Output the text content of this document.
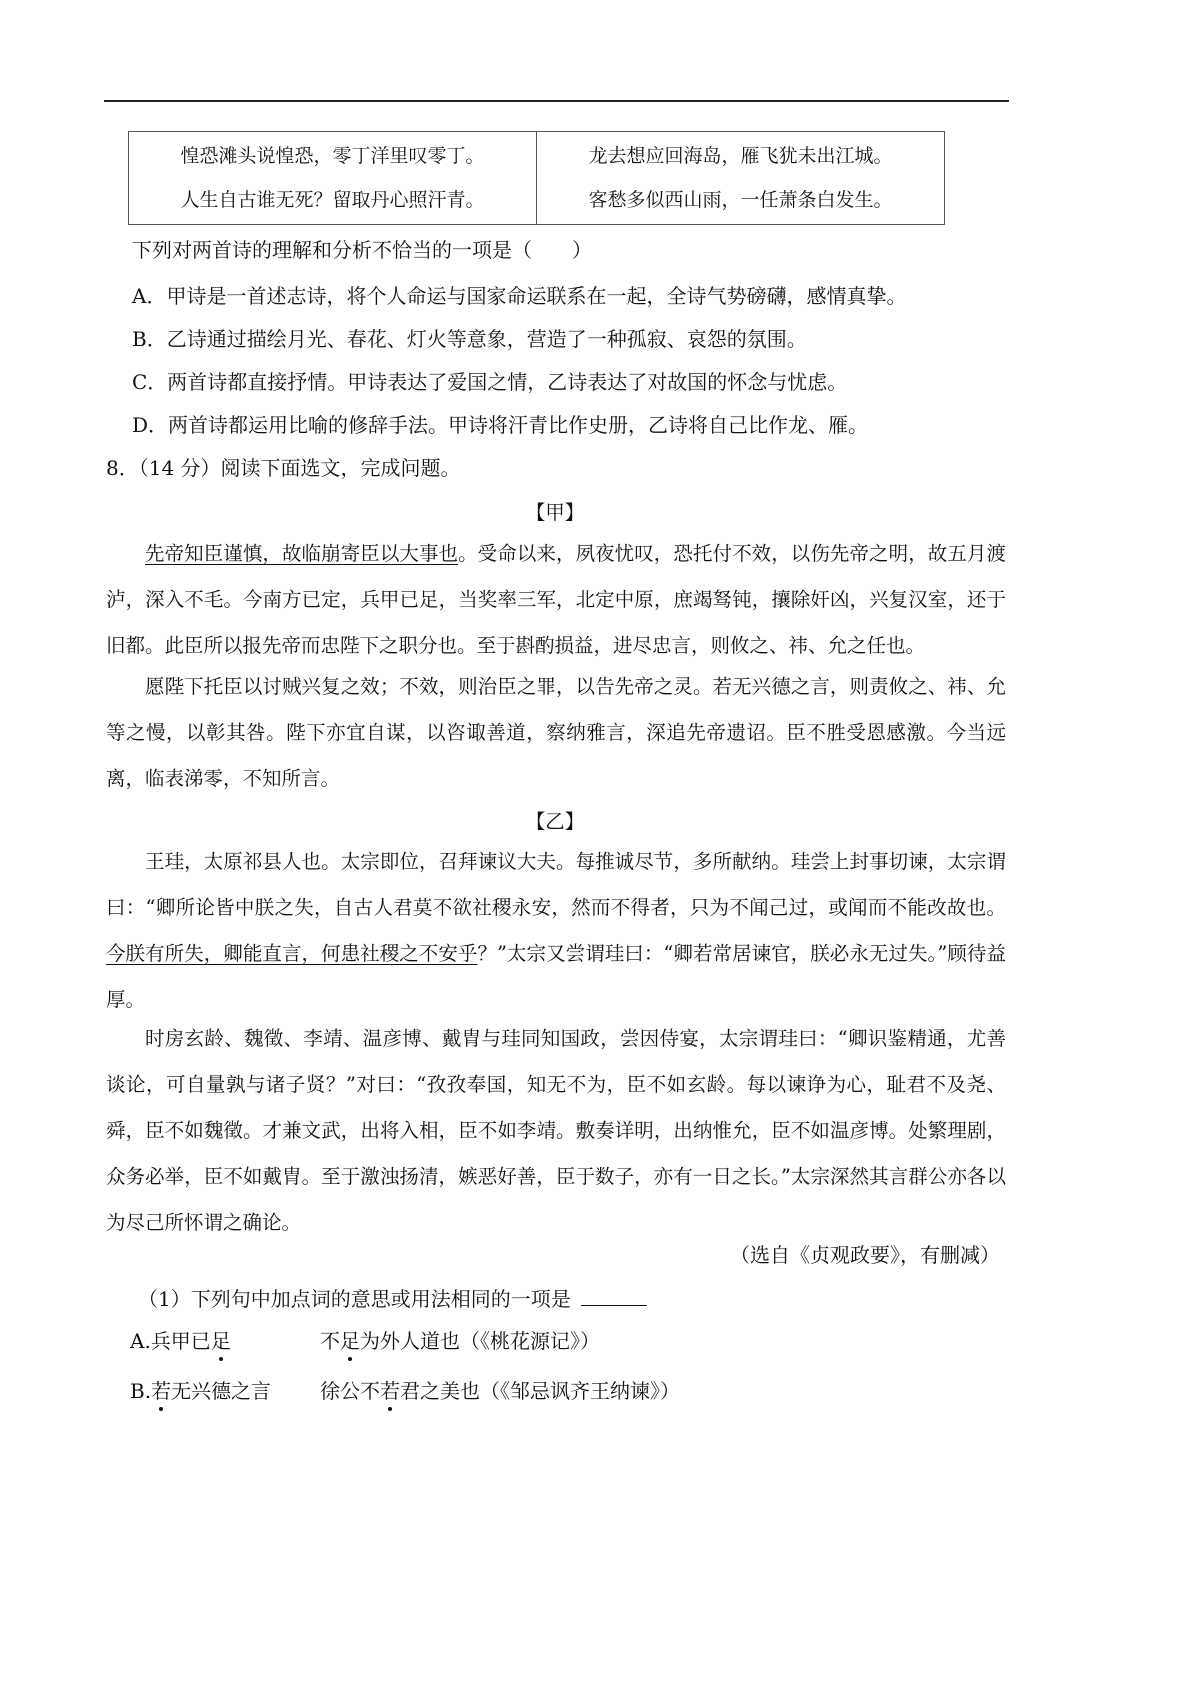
惶恐滩头说惶恐，零丁洋里叹零丁。
人生自古谁无死？留取丹心照汗青。

龙去想应回海岛，雁飞犹未出江城。
客愁多似西山雨，一任萧条白发生。
下列对两首诗的理解和分析不恰当的一项是（　　）
A．甲诗是一首述志诗，将个人命运与国家命运联系在一起，全诗气势磅礴，感情真挚。
B．乙诗通过描绘月光、春花、灯火等意象，营造了一种孤寂、哀怨的氛围。
C．两首诗都直接抒情。甲诗表达了爱国之情，乙诗表达了对故国的怀念与忧虑。
D．两首诗都运用比喻的修辞手法。甲诗将汗青比作史册，乙诗将自己比作龙、雁。
8．（14 分）阅读下面选文，完成问题。
【甲】
先帝知臣谨慎，故临崩寄臣以大事也。受命以来，夙夜忧叹，恐托付不效，以伤先帝之明，故五月渡泸，深入不毛。今南方已定，兵甲已足，当奖率三军，北定中原，庶竭驽钝，攘除奸凶，兴复汉室，还于旧都。此臣所以报先帝而忠陛下之职分也。至于斟酌损益，进尽忠言，则攸之、祎、允之任也。
愿陛下托臣以讨贼兴复之效；不效，则治臣之罪，以告先帝之灵。若无兴德之言，则责攸之、祎、允等之慢，以彰其咎。陛下亦宜自谋，以咨诹善道，察纳雅言，深追先帝遗诏。臣不胜受恩感激。今当远离，临表涕零，不知所言。
【乙】
王珪，太原祁县人也。太宗即位，召拜谏议大夫。每推诚尽节，多所献纳。珪尝上封事切谏，太宗谓曰：“卿所论皆中朕之失，自古人君莫不欲社稷永安，然而不得者，只为不闻己过，或闻而不能改故也。今朕有所失，卿能直言，何患社稷之不安乎？”太宗又尝谓珪曰：“卿若常居谏官，朕必永无过失。”顾待益厚。
时房玄龄、魏徵、李靖、温彦博、戴胄与珪同知国政，尝因侍宴，太宗谓珪曰：“卿识鉴精通，尤善谈论，可自量孰与诸子贤？”对曰：“孜孜奉国，知无不为，臣不如玄龄。每以谏诤为心，耻君不及尧、舜，臣不如魏徵。才兼文武，出将入相，臣不如李靖。敷奏详明，出纳惟允，臣不如温彦博。处繁理剧，众务必举，臣不如戴胄。至于激浊扬清，嫉恶好善，臣于数子，亦有一日之长。”太宗深然其言群公亦各以为尽己所怀谓之确论。
（选自《贞观政要》，有删减）
（1）下列句中加点词的意思或用法相同的一项是
A.兵甲已足	不足为外人道也（《桃花源记》）
B.若无兴德之言 徐公不若君之美也（《邹忌讽齐王纳谏》）
